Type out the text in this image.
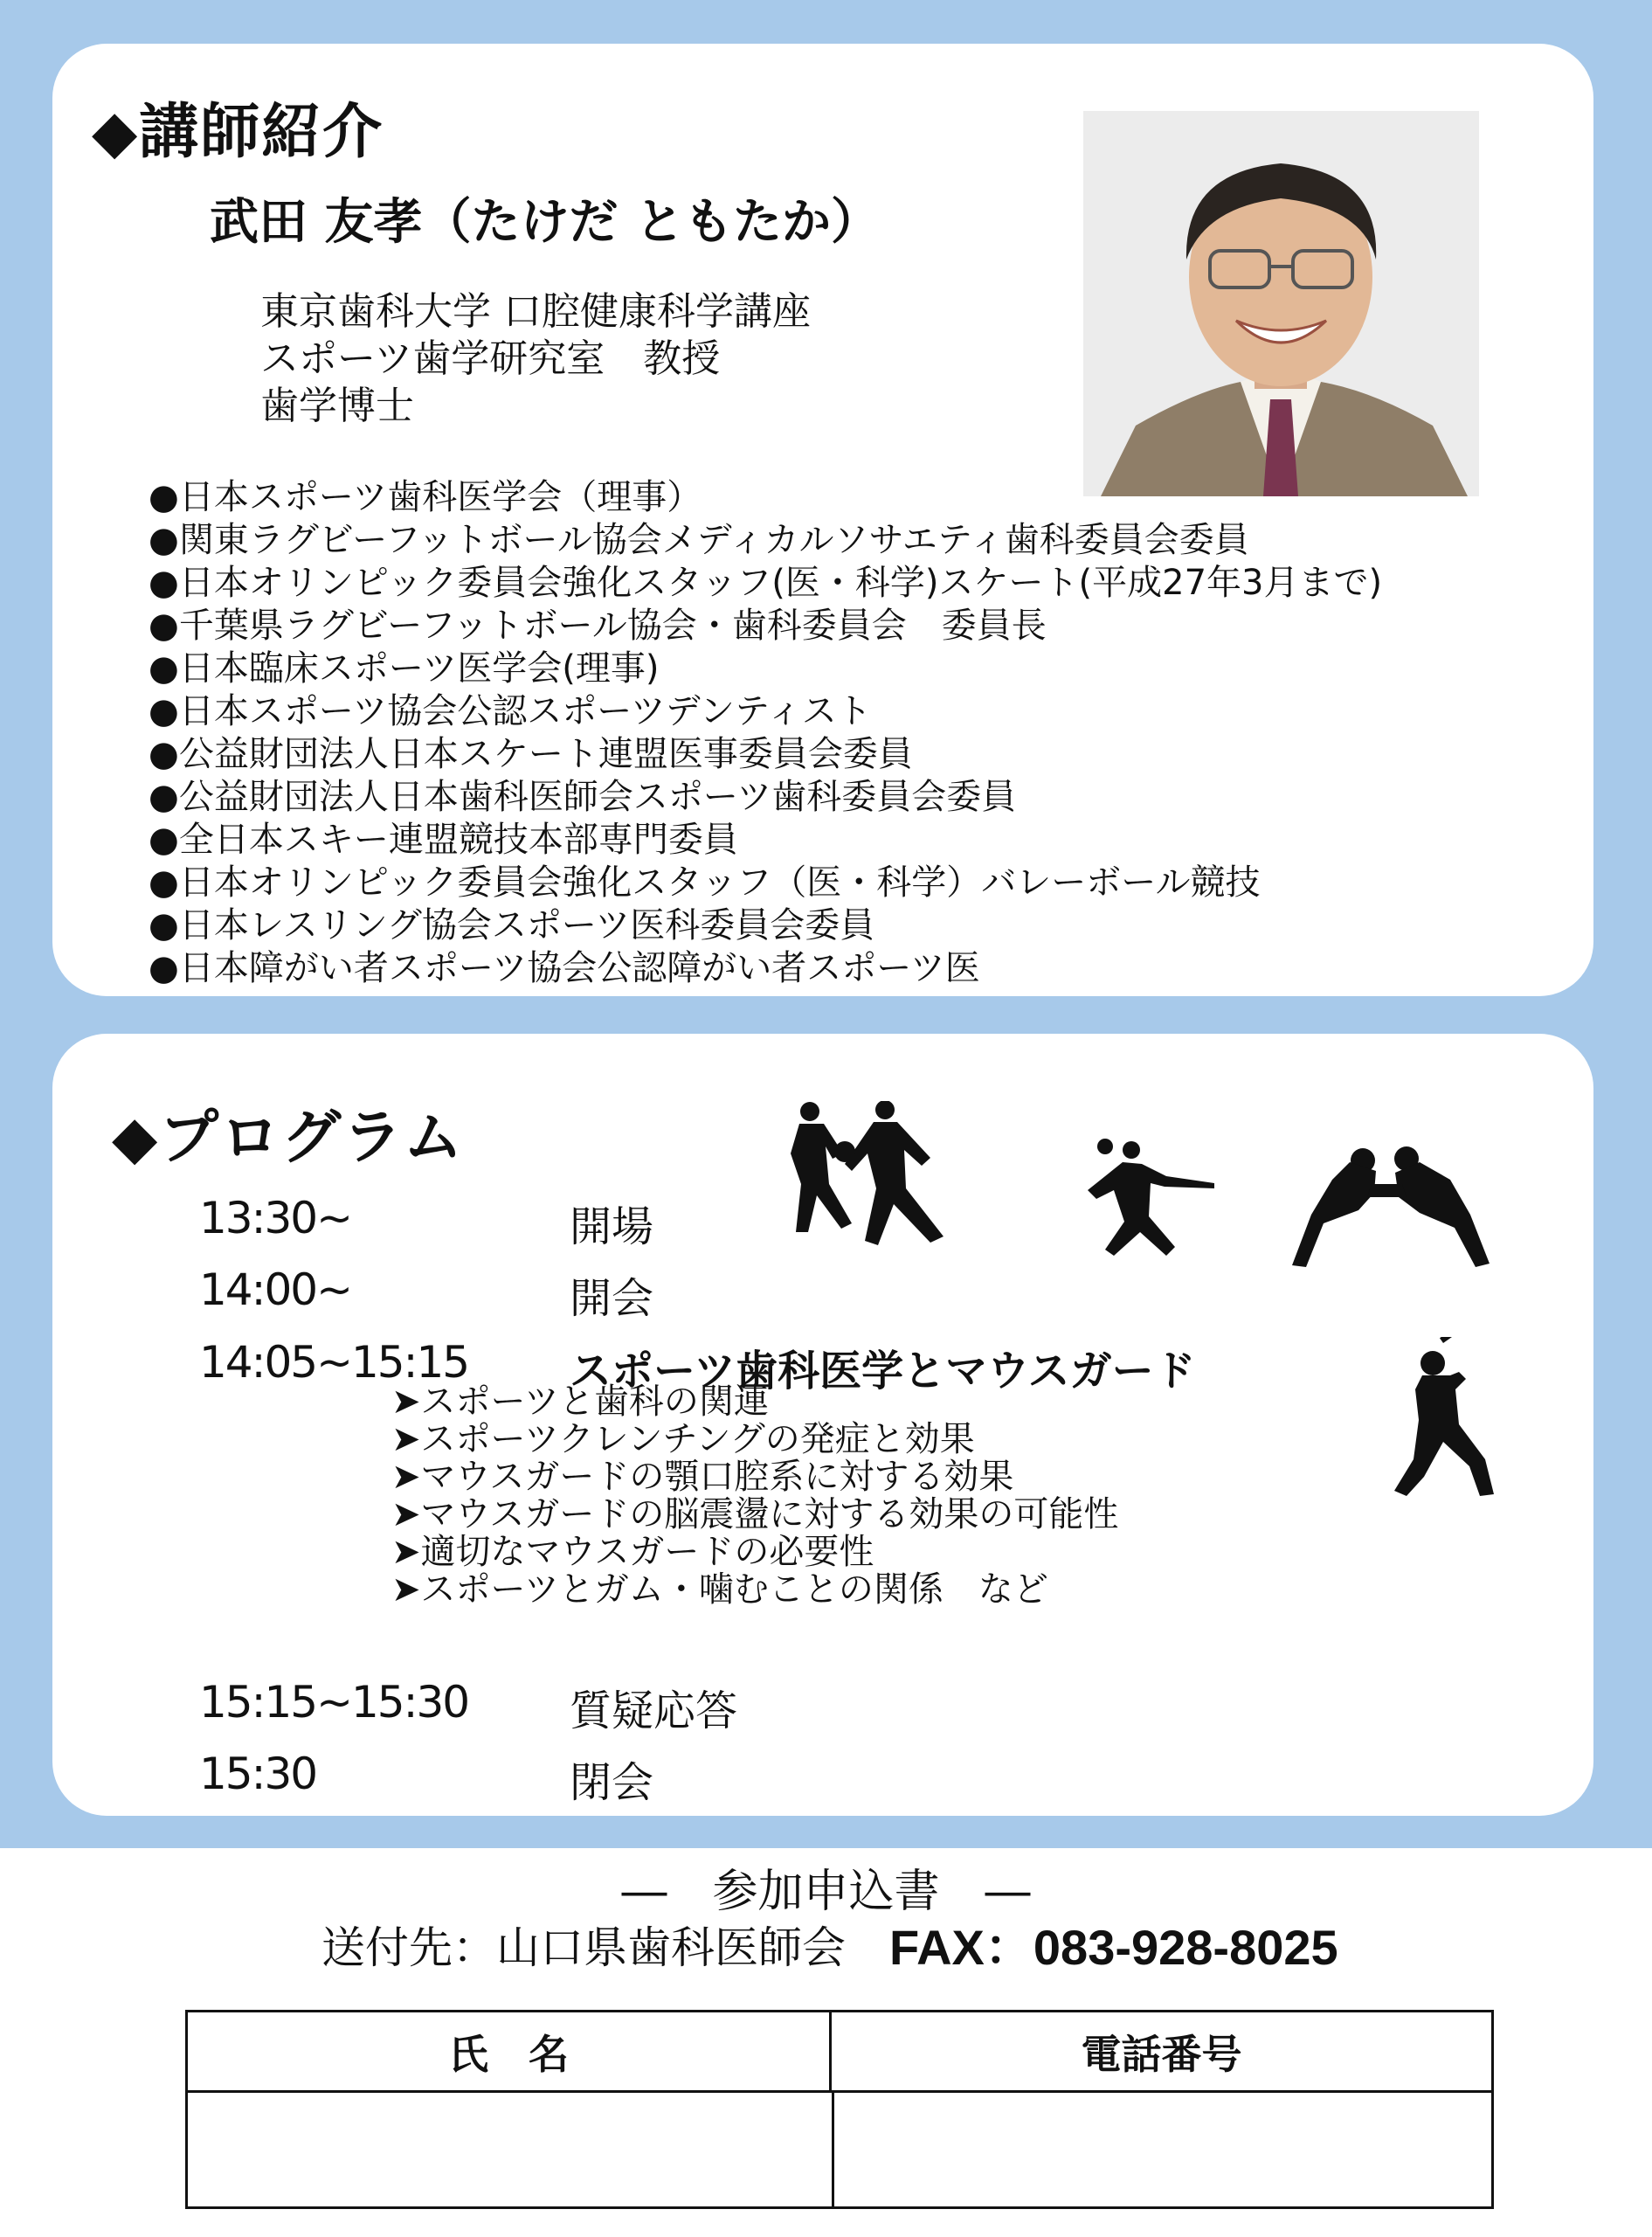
◆講師紹介
武田 友孝（たけだ ともたか）
東京歯科大学 口腔健康科学講座
スポーツ歯学研究室　教授
歯学博士
●日本スポーツ歯科医学会（理事）
●関東ラグビーフットボール協会メディカルソサエティ歯科委員会委員
●日本オリンピック委員会強化スタッフ(医・科学)スケート(平成27年3月まで)
●千葉県ラグビーフットボール協会・歯科委員会　委員長
●日本臨床スポーツ医学会(理事)
●日本スポーツ協会公認スポーツデンティスト
●公益財団法人日本スケート連盟医事委員会委員
●公益財団法人日本歯科医師会スポーツ歯科委員会委員
●全日本スキー連盟競技本部専門委員
●日本オリンピック委員会強化スタッフ（医・科学）バレーボール競技
●日本レスリング協会スポーツ医科委員会委員
●日本障がい者スポーツ協会公認障がい者スポーツ医
◆プログラム
13:30~	開場
14:00~	開会
14:05~15:15 スポーツ歯科医学とマウスガード
15:15~15:30 質疑応答
15:30	閉会
➤スポーツと歯科の関連
➤スポーツクレンチングの発症と効果
➤マウスガードの顎口腔系に対する効果
➤マウスガードの脳震盪に対する効果の可能性
➤適切なマウスガードの必要性
➤スポーツとガム・噛むことの関係　など
―　参加申込書　―
送付先：山口県歯科医師会 FAX：083-928-8025
氏　名	電話番号
